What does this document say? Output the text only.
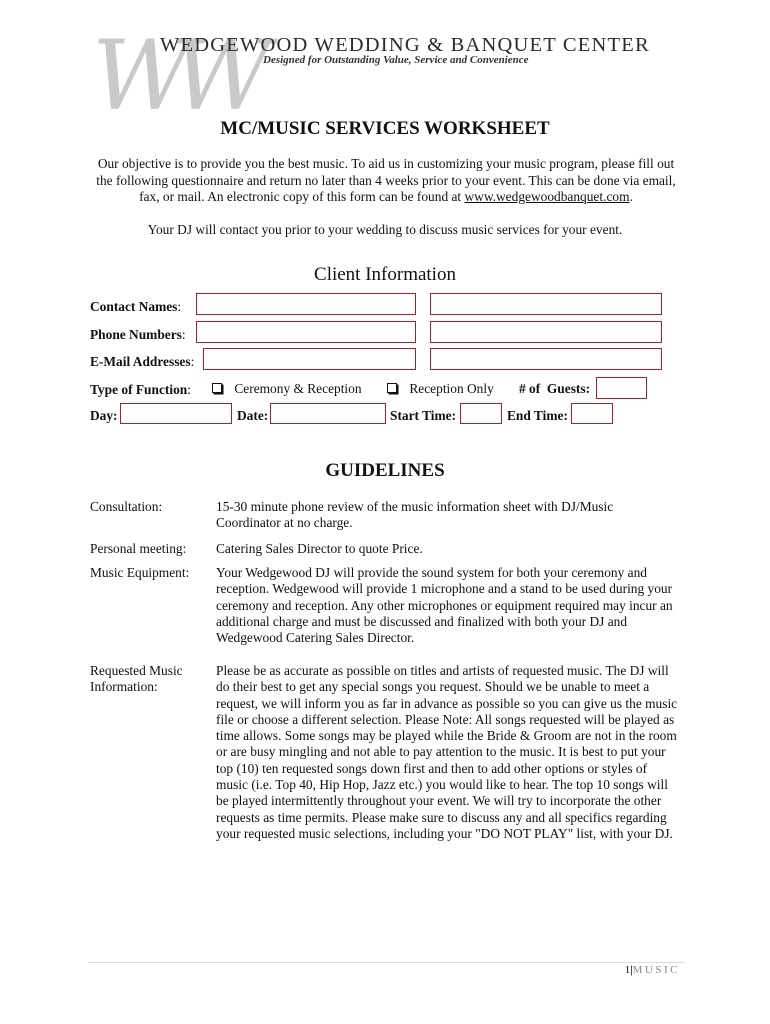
WW
WEDGEWOOD WEDDING & BANQUET CENTER
Designed for Outstanding Value, Service and Convenience
MC/MUSIC SERVICES WORKSHEET
Our objective is to provide you the best music. To aid us in customizing your music program, please fill out the following questionnaire and return no later than 4 weeks prior to your event. This can be done via email, fax, or mail. An electronic copy of this form can be found at www.wedgewoodbanquet.com.
Your DJ will contact you prior to your wedding to discuss music services for your event.
Client Information
Contact Names:
Phone Numbers:
E-Mail Addresses:
Type of Function:	Ceremony & Reception	Reception Only # of  Guests:
Day:	Date:	Start Time:	End Time:
GUIDELINES
Consultation:	15-30 minute phone review of the music information sheet with DJ/Music Coordinator at no charge.
Personal meeting:	Catering Sales Director to quote Price.
Music Equipment:	Your Wedgewood DJ will provide the sound system for both your ceremony and reception. Wedgewood will provide 1 microphone and a stand to be used during your ceremony and reception. Any other microphones or equipment required may incur an additional charge and must be discussed and finalized with both your DJ and Wedgewood Catering Sales Director.
Requested Music Information:
Please be as accurate as possible on titles and artists of requested music. The DJ will do their best to get any special songs you request. Should we be unable to meet a request, we will inform you as far in advance as possible so you can give us the music file or choose a different selection. Please Note: All songs requested will be played as time allows. Some songs may be played while the Bride & Groom are not in the room or are busy mingling and not able to pay attention to the music. It is best to put your top (10) ten requested songs down first and then to add other options or styles of music (i.e. Top 40, Hip Hop, Jazz etc.) you would like to hear. The top 10 songs will be played intermittently throughout your event. We will try to incorporate the other requests as time permits. Please make sure to discuss any and all specifics regarding your requested music selections, including your "DO NOT PLAY" list, with your DJ.
1|MUSIC
